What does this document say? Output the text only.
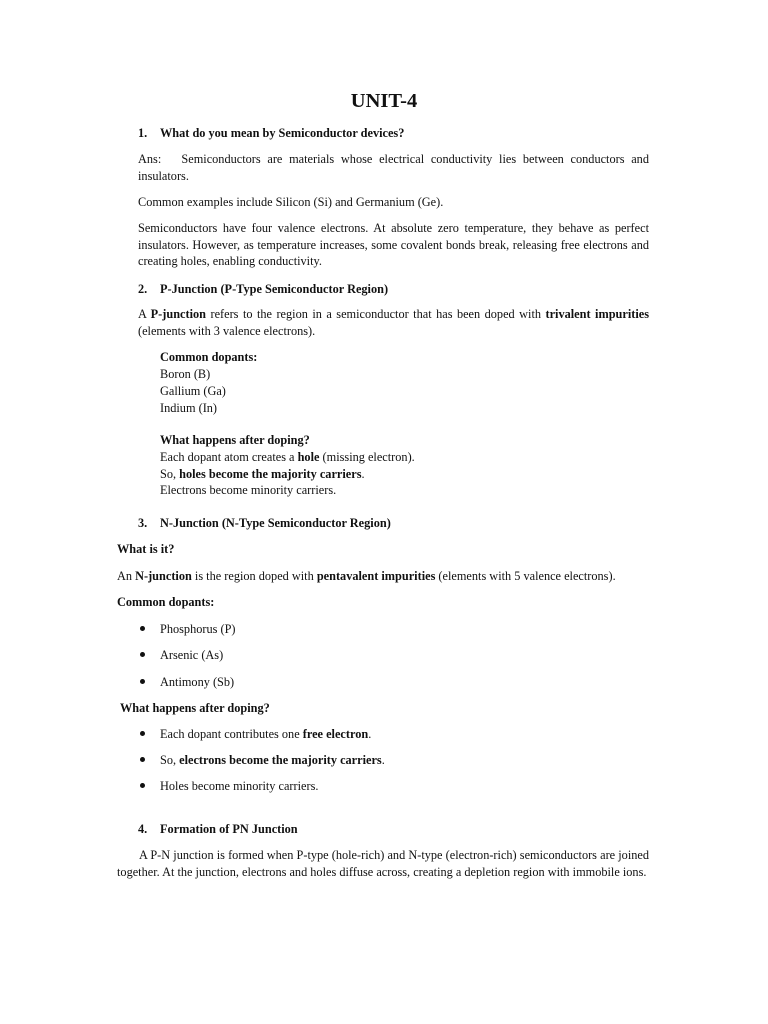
UNIT-4
1. What do you mean by Semiconductor devices?
Ans: Semiconductors are materials whose electrical conductivity lies between conductors and insulators.
Common examples include Silicon (Si) and Germanium (Ge).
Semiconductors have four valence electrons. At absolute zero temperature, they behave as perfect insulators. However, as temperature increases, some covalent bonds break, releasing free electrons and creating holes, enabling conductivity.
2. P-Junction (P-Type Semiconductor Region)
A P-junction refers to the region in a semiconductor that has been doped with trivalent impurities (elements with 3 valence electrons).
Common dopants:
Boron (B)
Gallium (Ga)
Indium (In)
What happens after doping?
Each dopant atom creates a hole (missing electron).
So, holes become the majority carriers.
Electrons become minority carriers.
3. N-Junction (N-Type Semiconductor Region)
What is it?
An N-junction is the region doped with pentavalent impurities (elements with 5 valence electrons).
Common dopants:
Phosphorus (P)
Arsenic (As)
Antimony (Sb)
What happens after doping?
Each dopant contributes one free electron.
So, electrons become the majority carriers.
Holes become minority carriers.
4. Formation of PN Junction
A P-N junction is formed when P-type (hole-rich) and N-type (electron-rich) semiconductors are joined together. At the junction, electrons and holes diffuse across, creating a depletion region with immobile ions.
